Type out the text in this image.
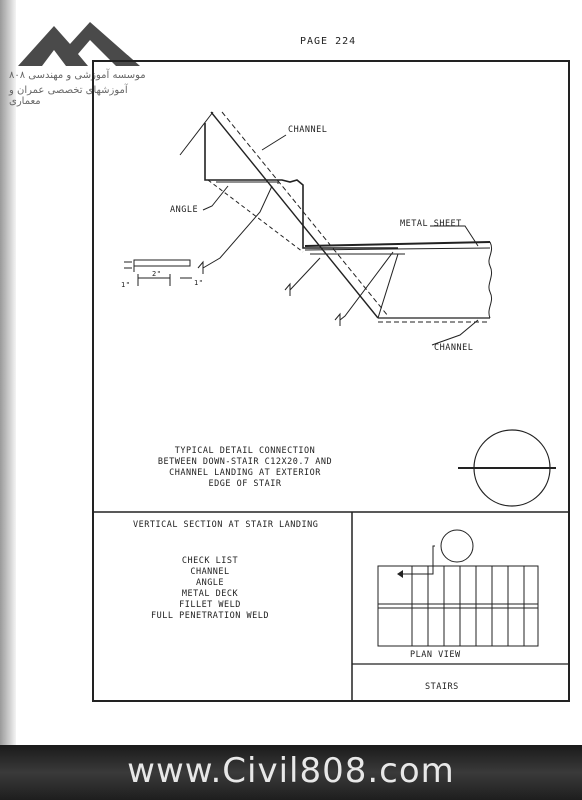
موسسه آموزشی و مهندسی ۸۰۸
آموزشهای تخصصی عمران و معماری
PAGE 224
CHANNEL
ANGLE
METAL SHEET
CHANNEL
2"
1"	1"
TYPICAL DETAIL CONNECTION
BETWEEN DOWN-STAIR C12X20.7 AND
CHANNEL LANDING AT EXTERIOR
EDGE OF STAIR
VERTICAL SECTION AT STAIR LANDING
CHECK LIST
CHANNEL
ANGLE
METAL DECK
FILLET WELD
FULL PENETRATION WELD
PLAN VIEW
STAIRS
www.Civil808.com
